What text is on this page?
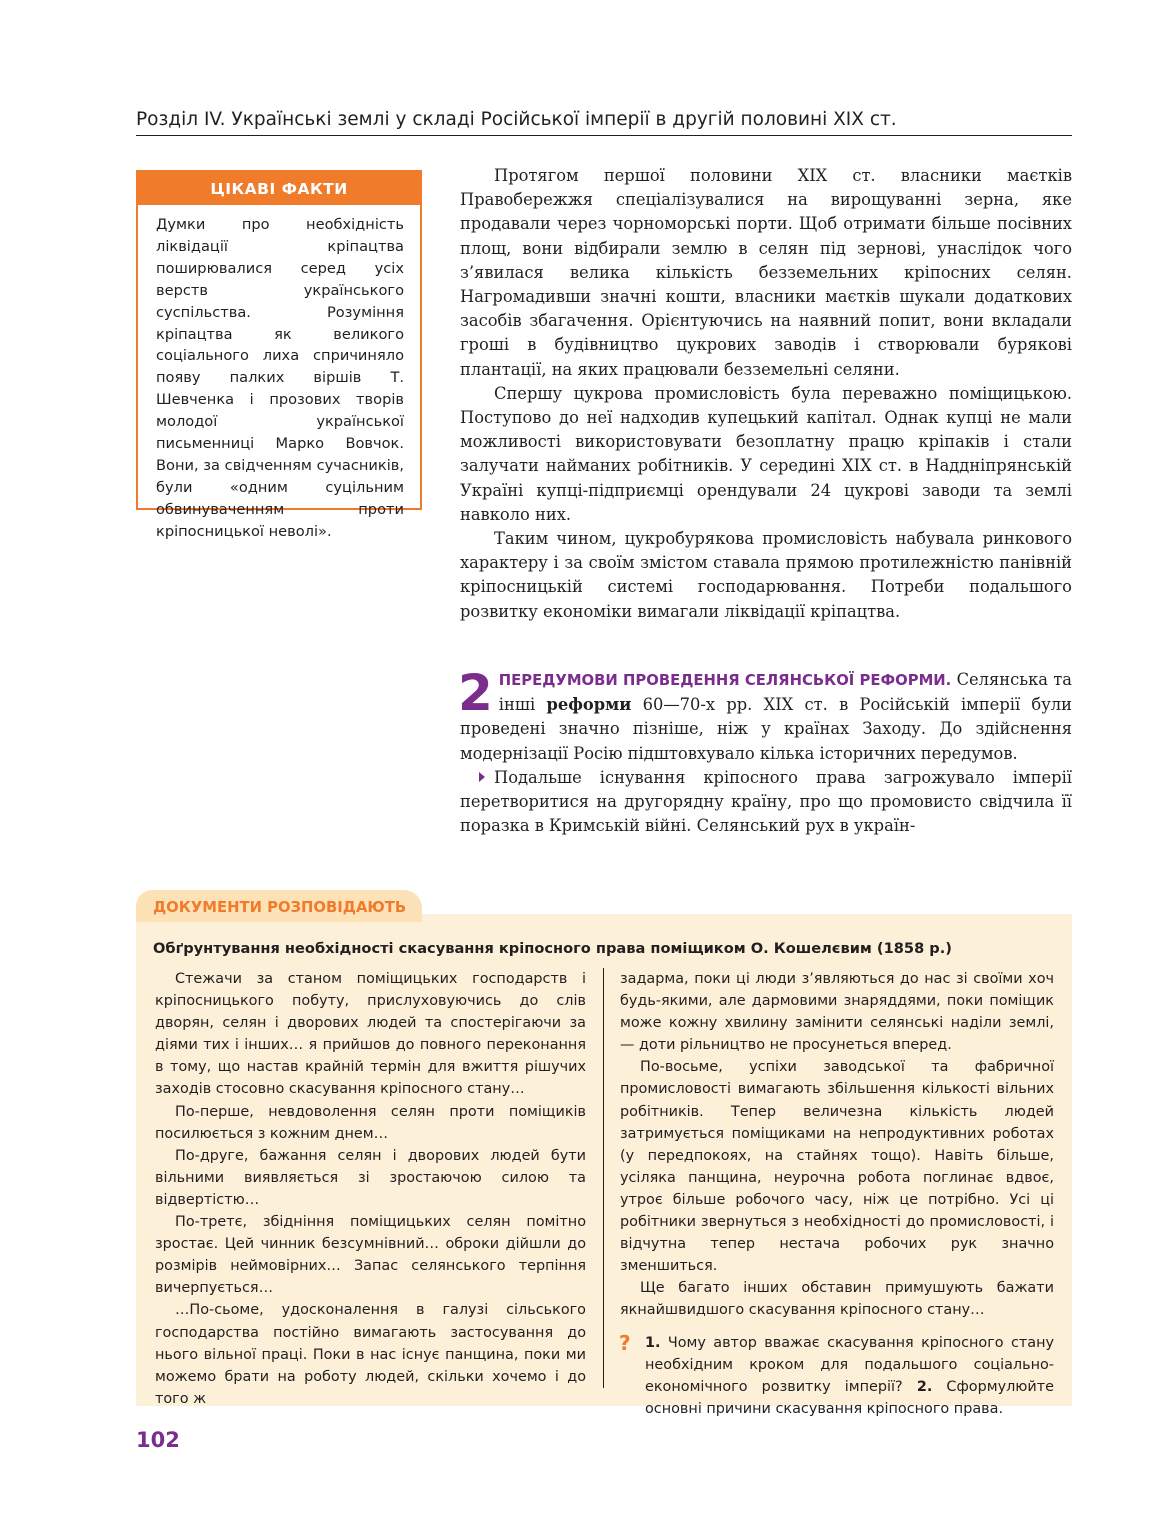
Розділ IV. Українські землі у складі Російської імперії в другій половині ХІХ ст.
ЦІКАВІ ФАКТИ
Думки про необхідність ліквідації кріпацтва поширювалися серед усіх верств українського суспільства. Розуміння кріпацтва як великого соціального лиха спричиняло появу палких віршів Т. Шевченка і прозових творів молодої української письменниці Марко Вовчок. Вони, за свідченням сучасників, були «одним суцільним обвинуваченням проти кріпосницької неволі».

Протягом першої половини ХІХ ст. власники маєтків Правобережжя спеціалізувалися на вирощуванні зерна, яке продавали через чорноморські порти. Щоб отримати більше посівних площ, вони відбирали землю в селян під зернові, унаслідок чого з’явилася велика кількість безземельних кріпосних селян. Нагромадивши значні кошти, власники маєтків шукали додаткових засобів збагачення. Орієнтуючись на наявний попит, вони вкладали гроші в будівництво цукрових заводів і створювали бурякові плантації, на яких працювали безземельні селяни.

Спершу цукрова промисловість була переважно поміщицькою. Поступово до неї надходив купецький капітал. Однак купці не мали можливості використовувати безоплатну працю кріпаків і стали залучати найманих робітників. У середині ХІХ ст. в Наддніпрянській Україні купці-підприємці орендували 24 цукрові заводи та землі навколо них.

Таким чином, цукробурякова промисловість набувала ринкового характеру і за своїм змістом ставала прямою протилежністю панівній кріпосницькій системі господарювання. Потреби подальшого розвитку економіки вимагали ліквідації кріпацтва.

2 ПЕРЕДУМОВИ ПРОВЕДЕННЯ СЕЛЯНСЬКОЇ РЕФОРМИ. Селянська та інші реформи 60—70-х рр. ХІХ ст. в Російській імперії були проведені значно пізніше, ніж у країнах Заходу. До здійснення модернізації Росію підштовхувало кілька історичних передумов.

Подальше існування кріпосного права загрожувало імперії перетворитися на другорядну країну, про що промовисто свідчила її поразка в Кримській війні. Селянський рух в україн-

ДОКУМЕНТИ РОЗПОВІДАЮТЬ
Обґрунтування необхідності скасування кріпосного права поміщиком О. Кошелєвим (1858 р.)

Стежачи за станом поміщицьких господарств і кріпосницького побуту, прислуховуючись до слів дворян, селян і дворових людей та спостерігаючи за діями тих і інших… я прийшов до повного переконання в тому, що настав крайній термін для вжиття рішучих заходів стосовно скасування кріпосного стану…

По-перше, невдоволення селян проти поміщиків посилюється з кожним днем…

По-друге, бажання селян і дворових людей бути вільними виявляється зі зростаючою силою та відвертістю…

По-третє, збідніння поміщицьких селян помітно зростає. Цей чинник безсумнівний… оброки дійшли до розмірів неймовірних… Запас селянського терпіння вичерпується…

…По-сьоме, удосконалення в галузі сільського господарства постійно вимагають застосування до нього вільної праці. Поки в нас існує панщина, поки ми можемо брати на роботу людей, скільки хочемо і до того ж

задарма, поки ці люди з’являються до нас зі своїми хоч будь-якими, але дармовими знаряддями, поки поміщик може кожну хвилину замінити селянські наділи землі, — доти рільництво не просунеться вперед.

По-восьме, успіхи заводської та фабричної промисловості вимагають збільшення кількості вільних робітників. Тепер величезна кількість людей затримується поміщиками на непродуктивних роботах (у передпокоях, на стайнях тощо). Навіть більше, усіляка панщина, неурочна робота поглинає вдвоє, утроє більше робочого часу, ніж це потрібно. Усі ці робітники звернуться з необхідності до промисловості, і відчутна тепер нестача робочих рук значно зменшиться.

Ще багато інших обставин примушують бажати якнайшвидшого скасування кріпосного стану…

? 1. Чому автор вважає скасування кріпосного стану необхідним кроком для подальшого соціально-економічного розвитку імперії? 2. Сформулюйте основні причини скасування кріпосного права.
102
